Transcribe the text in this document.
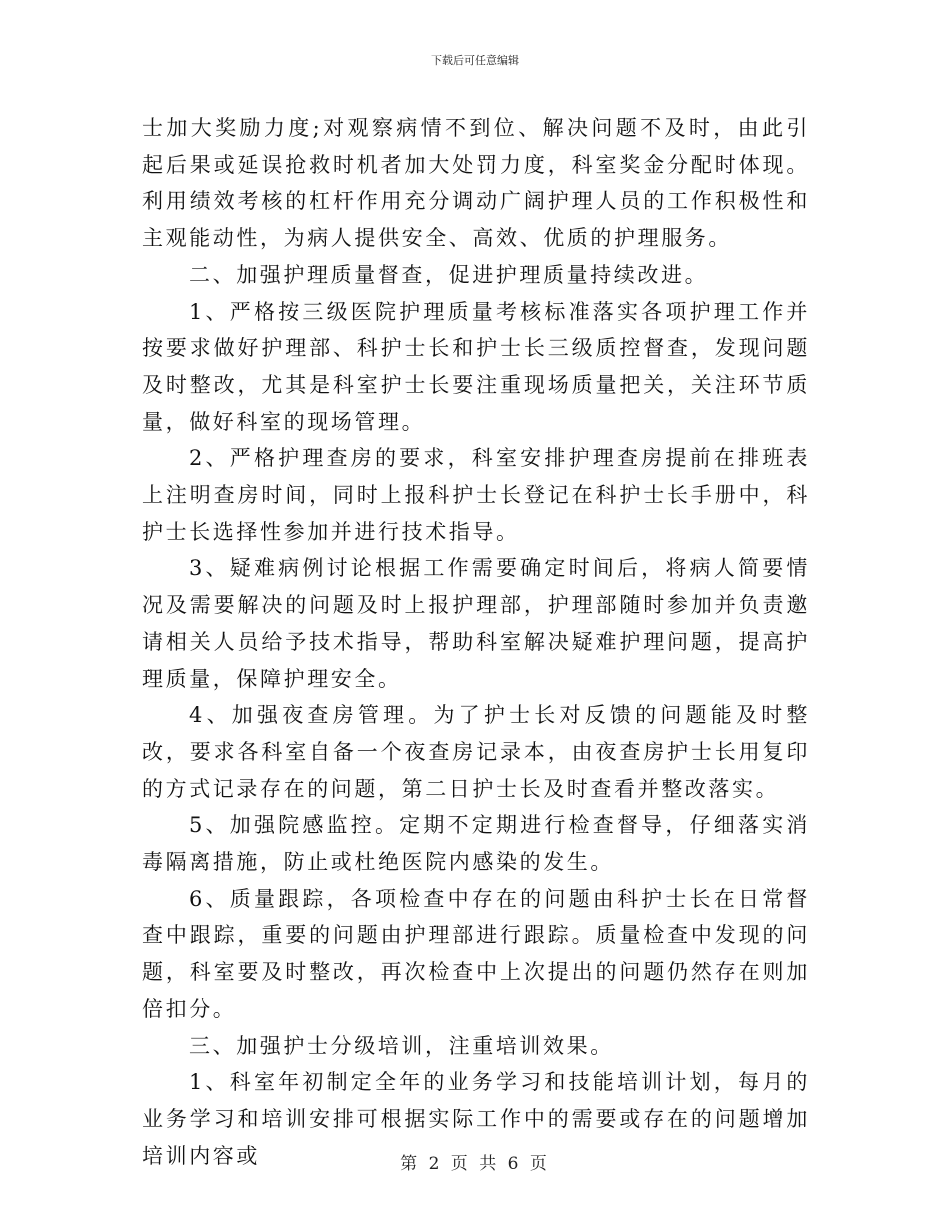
下载后可任意编辑

士加大奖励力度;对观察病情不到位、解决问题不及时，由此引起后果或延误抢救时机者加大处罚力度，科室奖金分配时体现。利用绩效考核的杠杆作用充分调动广阔护理人员的工作积极性和主观能动性，为病人提供安全、高效、优质的护理服务。

二、加强护理质量督查，促进护理质量持续改进。

1、严格按三级医院护理质量考核标准落实各项护理工作并按要求做好护理部、科护士长和护士长三级质控督查，发现问题及时整改，尤其是科室护士长要注重现场质量把关，关注环节质量，做好科室的现场管理。

2、严格护理查房的要求，科室安排护理查房提前在排班表上注明查房时间，同时上报科护士长登记在科护士长手册中，科护士长选择性参加并进行技术指导。

3、疑难病例讨论根据工作需要确定时间后，将病人简要情况及需要解决的问题及时上报护理部，护理部随时参加并负责邀请相关人员给予技术指导，帮助科室解决疑难护理问题，提高护理质量，保障护理安全。

4、加强夜查房管理。为了护士长对反馈的问题能及时整改，要求各科室自备一个夜查房记录本，由夜查房护士长用复印的方式记录存在的问题，第二日护士长及时查看并整改落实。

5、加强院感监控。定期不定期进行检查督导，仔细落实消毒隔离措施，防止或杜绝医院内感染的发生。

6、质量跟踪，各项检查中存在的问题由科护士长在日常督查中跟踪，重要的问题由护理部进行跟踪。质量检查中发现的问题，科室要及时整改，再次检查中上次提出的问题仍然存在则加倍扣分。

三、加强护士分级培训，注重培训效果。

1、科室年初制定全年的业务学习和技能培训计划，每月的业务学习和培训安排可根据实际工作中的需要或存在的问题增加培训内容或	第 2 页 共 6 页
